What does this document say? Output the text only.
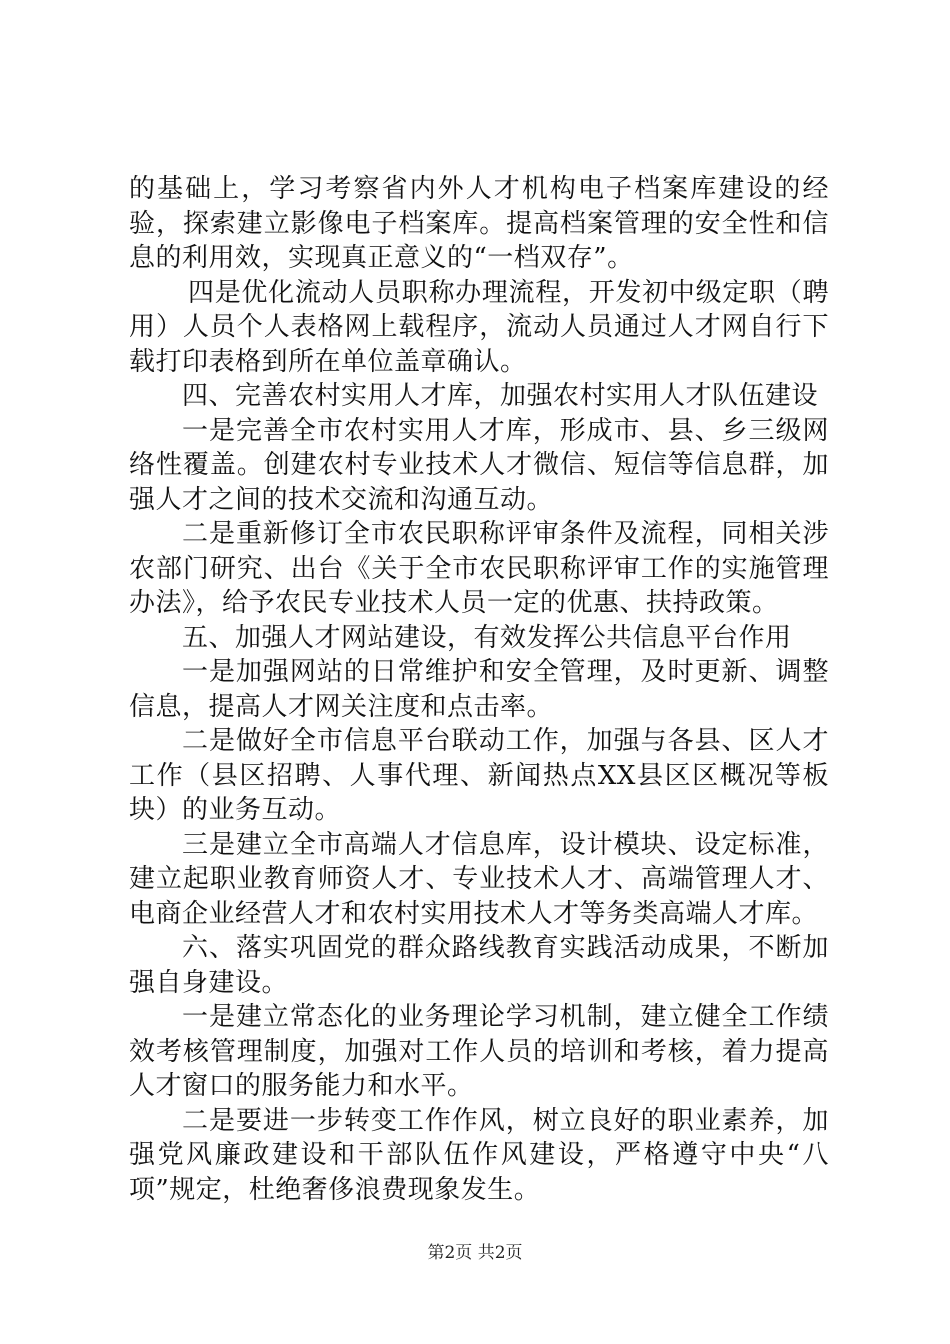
的基础上，学习考察省内外人才机构电子档案库建设的经验，探索建立影像电子档案库。提高档案管理的安全性和信息的利用效，实现真正意义的“一档双存”。

四是优化流动人员职称办理流程，开发初中级定职（聘用）人员个人表格网上载程序，流动人员通过人才网自行下载打印表格到所在单位盖章确认。

四、完善农村实用人才库，加强农村实用人才队伍建设

一是完善全市农村实用人才库，形成市、县、乡三级网络性覆盖。创建农村专业技术人才微信、短信等信息群，加强人才之间的技术交流和沟通互动。

二是重新修订全市农民职称评审条件及流程，同相关涉农部门研究、出台《关于全市农民职称评审工作的实施管理办法》，给予农民专业技术人员一定的优惠、扶持政策。

五、加强人才网站建设，有效发挥公共信息平台作用

一是加强网站的日常维护和安全管理，及时更新、调整信息，提高人才网关注度和点击率。

二是做好全市信息平台联动工作，加强与各县、区人才工作（县区招聘、人事代理、新闻热点XX县区区概况等板块）的业务互动。

三是建立全市高端人才信息库，设计模块、设定标准，建立起职业教育师资人才、专业技术人才、高端管理人才、电商企业经营人才和农村实用技术人才等务类高端人才库。

六、落实巩固党的群众路线教育实践活动成果，不断加强自身建设。

一是建立常态化的业务理论学习机制，建立健全工作绩效考核管理制度，加强对工作人员的培训和考核，着力提高人才窗口的服务能力和水平。

二是要进一步转变工作作风，树立良好的职业素养，加强党风廉政建设和干部队伍作风建设，严格遵守中央“八项”规定，杜绝奢侈浪费现象发生。

第2页 共2页
